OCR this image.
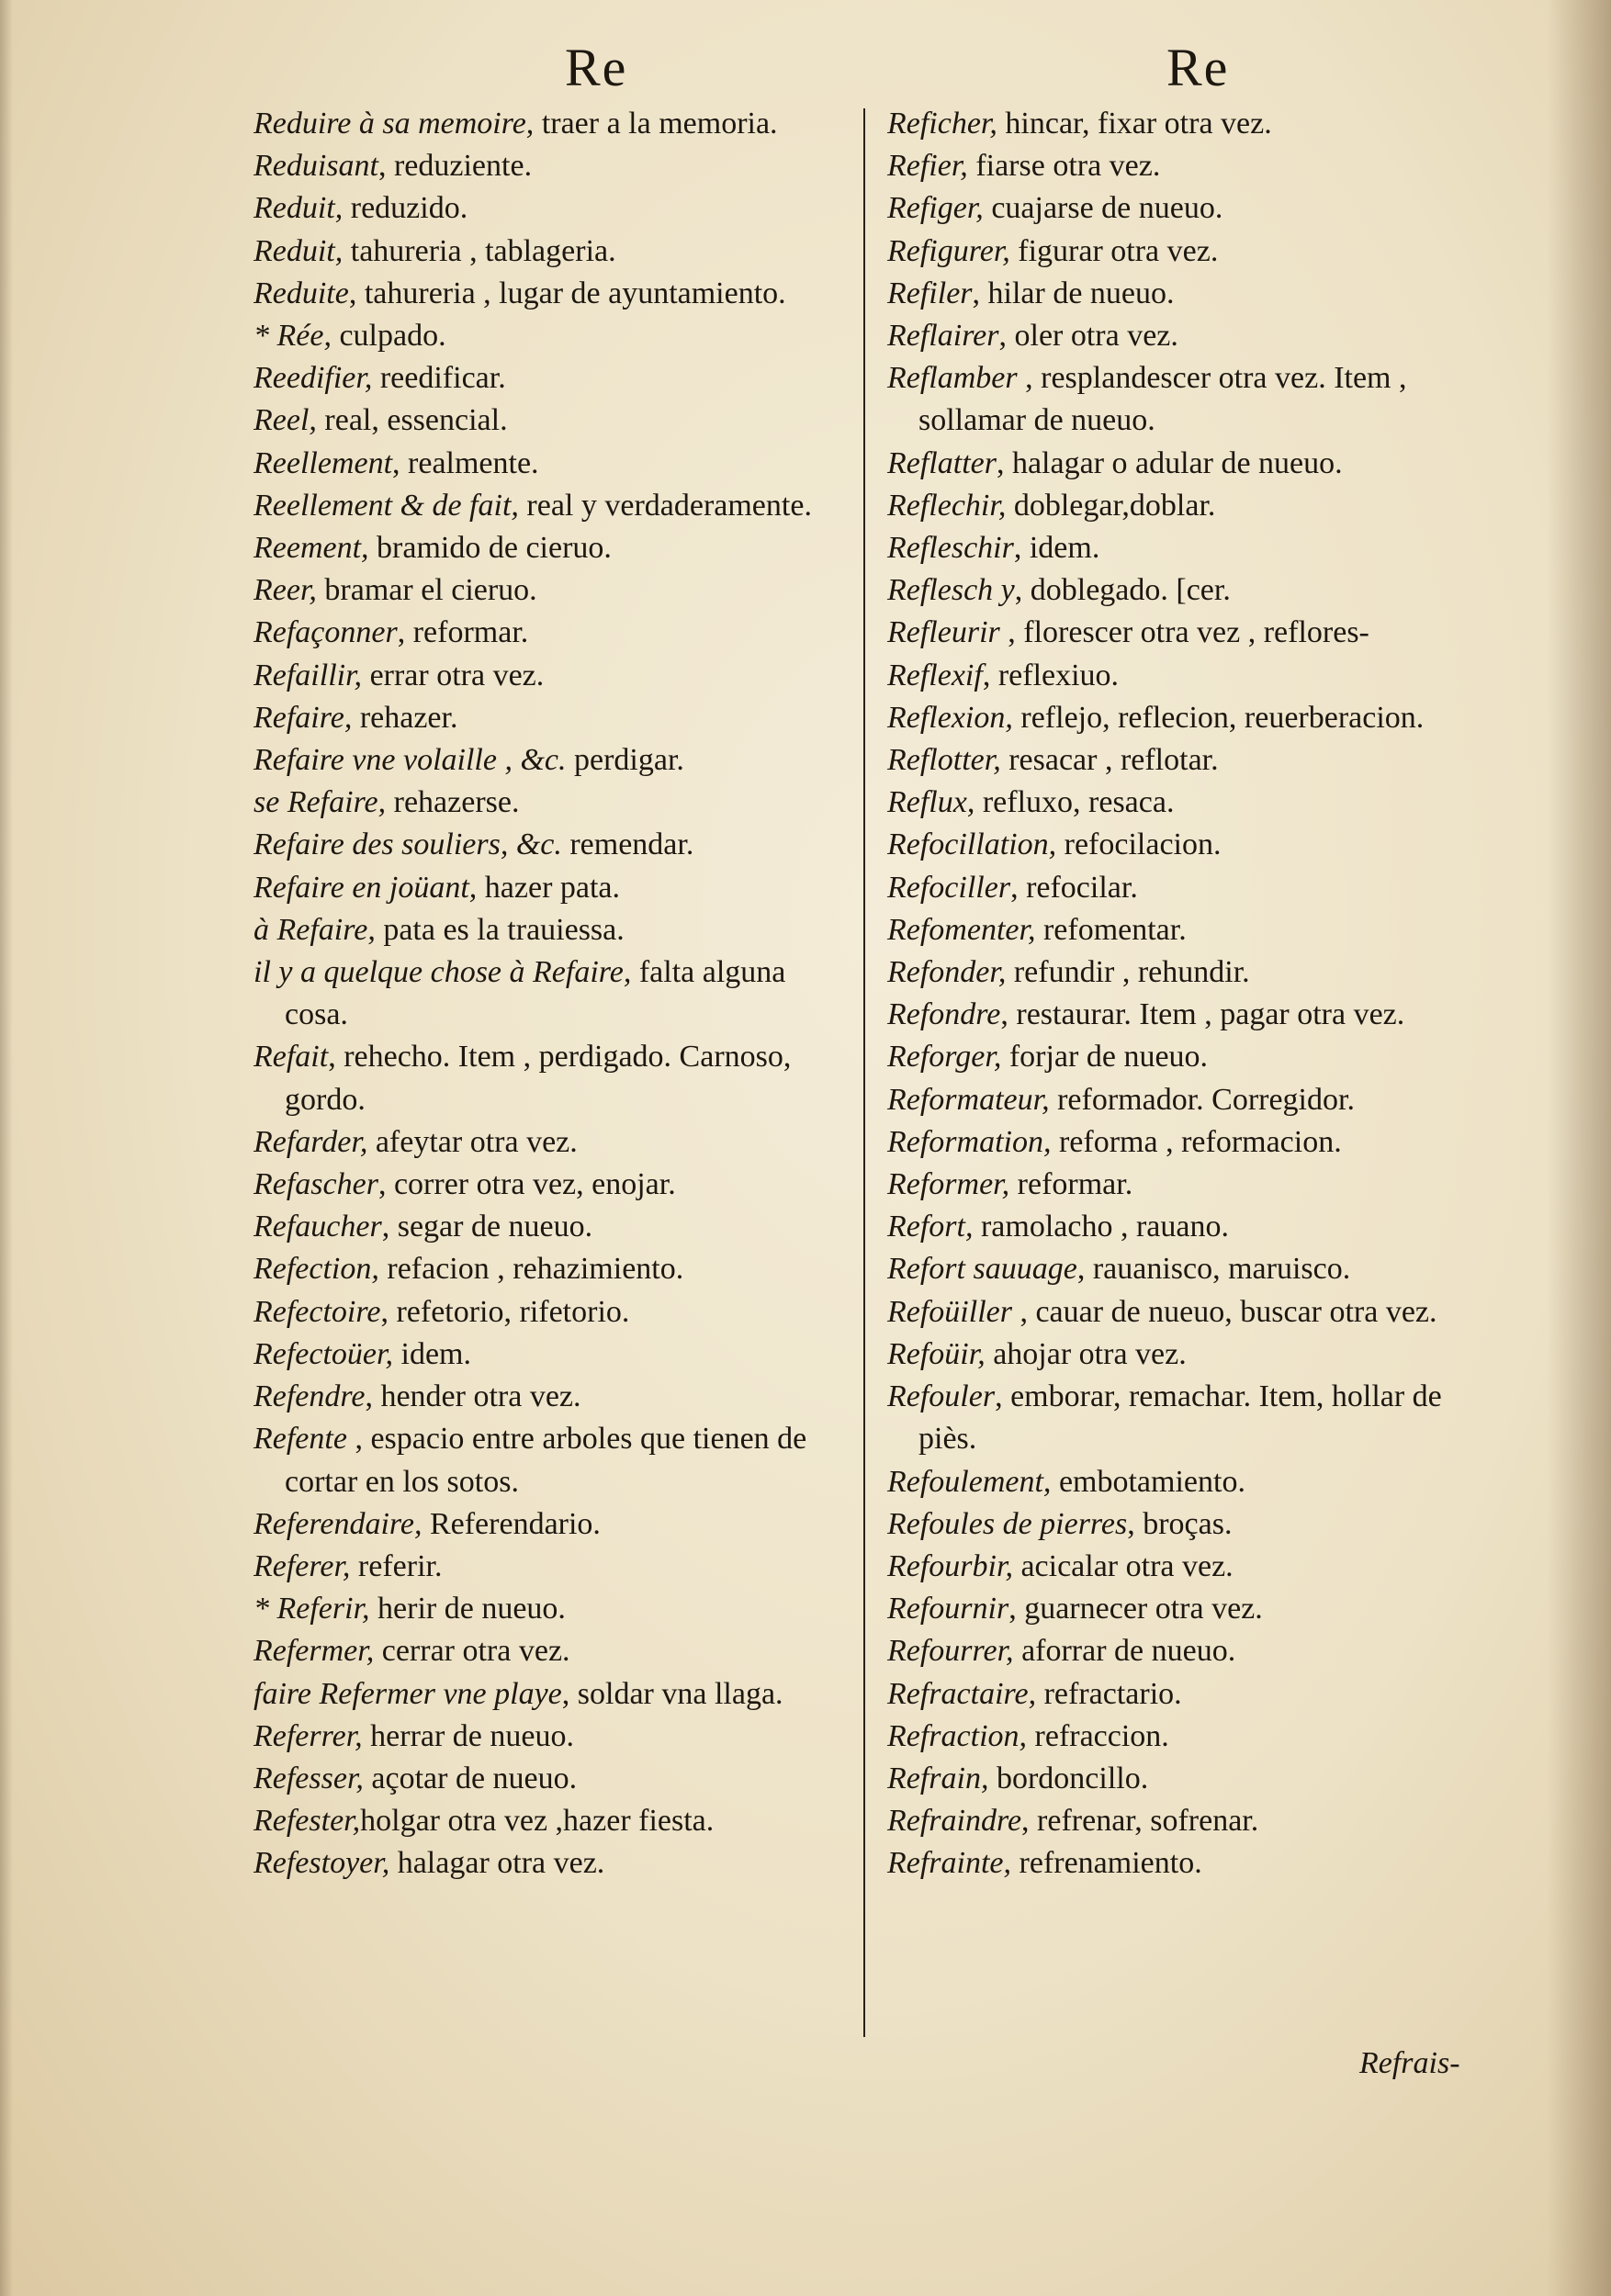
Re	Re
Reduire à sa memoire, traer a la memoria.
Reduisant, reduziente.
Reduit, reduzido.
Reduit, tahureria , tablageria.
Reduite, tahureria , lugar de ayuntamiento.
* Rée, culpado.
Reedifier, reedificar.
Reel, real, essencial.
Reellement, realmente.
Reellement & de fait, real y verdaderamente.
Reement, bramido de cieruo.
Reer, bramar el cieruo.
Refaçonner, reformar.
Refaillir, errar otra vez.
Refaire, rehazer.
Refaire vne volaille , &c. perdigar.
se Refaire, rehazerse.
Refaire des souliers, &c. remendar.
Refaire en joüant, hazer pata.
à Refaire, pata es la trauiessa.
il y a quelque chose à Refaire, falta alguna cosa.
Refait, rehecho. Item , perdigado. Carnoso, gordo.
Refarder, afeytar otra vez.
Refascher, correr otra vez, enojar.
Refaucher, segar de nueuo.
Refection, refacion , rehazimiento.
Refectoire, refetorio, rifetorio.
Refectoüer, idem.
Refendre, hender otra vez.
Refente , espacio entre arboles que tienen de cortar en los sotos.
Referendaire, Referendario.
Referer, referir.
* Referir, herir de nueuo.
Refermer, cerrar otra vez.
faire Refermer vne playe, soldar vna llaga.
Referrer, herrar de nueuo.
Refesser, açotar de nueuo.
Refester,holgar otra vez ,hazer fiesta.
Refestoyer, halagar otra vez.
Reficher, hincar, fixar otra vez.
Refier, fiarse otra vez.
Refiger, cuajarse de nueuo.
Refigurer, figurar otra vez.
Refiler, hilar de nueuo.
Reflairer, oler otra vez.
Reflamber , resplandescer otra vez. Item , sollamar de nueuo.
Reflatter, halagar o adular de nueuo.
Reflechir, doblegar,doblar.
Refleschir, idem.
Reflesch y, doblegado. [cer.
Refleurir , florescer otra vez , reflores-
Reflexif, reflexiuo.
Reflexion, reflejo, reflecion, reuerberacion.
Reflotter, resacar , reflotar.
Reflux, refluxo, resaca.
Refocillation, refocilacion.
Refociller, refocilar.
Refomenter, refomentar.
Refonder, refundir , rehundir.
Refondre, restaurar. Item , pagar otra vez.
Reforger, forjar de nueuo.
Reformateur, reformador. Corregidor.
Reformation, reforma , reformacion.
Reformer, reformar.
Refort, ramolacho , rauano.
Refort sauuage, rauanisco, maruisco.
Refoüiller , cauar de nueuo, buscar otra vez.
Refoüir, ahojar otra vez.
Refouler, emborar, remachar. Item, hollar de piès.
Refoulement, embotamiento.
Refoules de pierres, broças.
Refourbir, acicalar otra vez.
Refournir, guarnecer otra vez.
Refourrer, aforrar de nueuo.
Refractaire, refractario.
Refraction, refraccion.
Refrain, bordoncillo.
Refraindre, refrenar, sofrenar.
Refrainte, refrenamiento.
Refrais-
